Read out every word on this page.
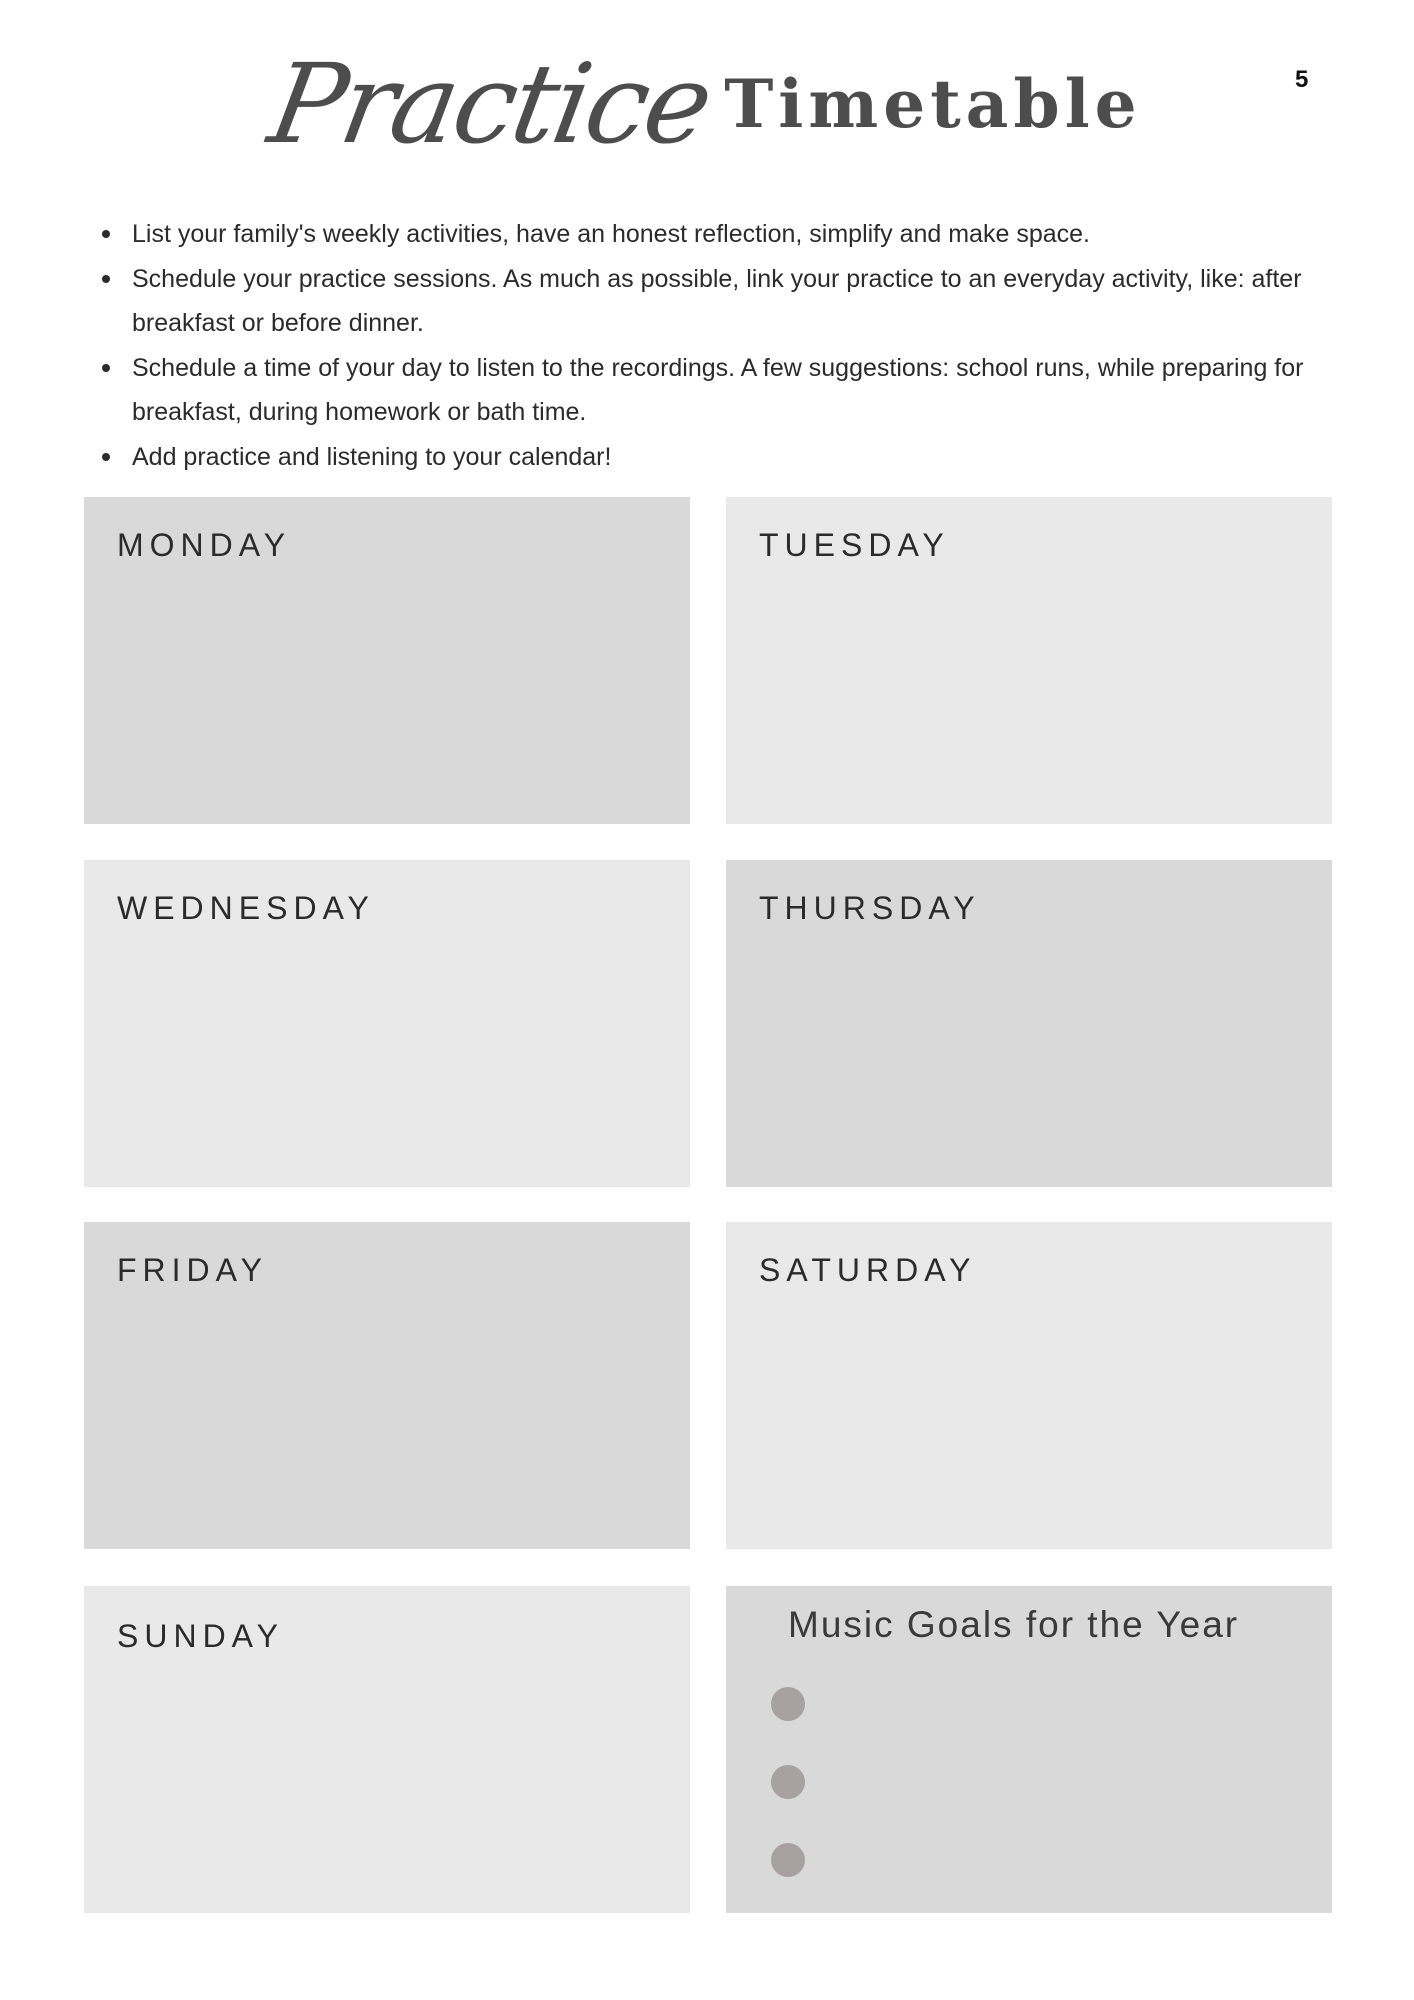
PracticeTimetable	5
List your family's weekly activities, have an honest reflection, simplify and make space.
Schedule your practice sessions. As much as possible, link your practice to an everyday activity, like: after breakfast or before dinner.
Schedule a time of your day to listen to the recordings. A few suggestions: school runs, while preparing for breakfast, during homework or bath time.
Add practice and listening to your calendar!
MONDAY	TUESDAY
WEDNESDAY	THURSDAY
FRIDAY	SATURDAY
SUNDAY	Music Goals for the Year
